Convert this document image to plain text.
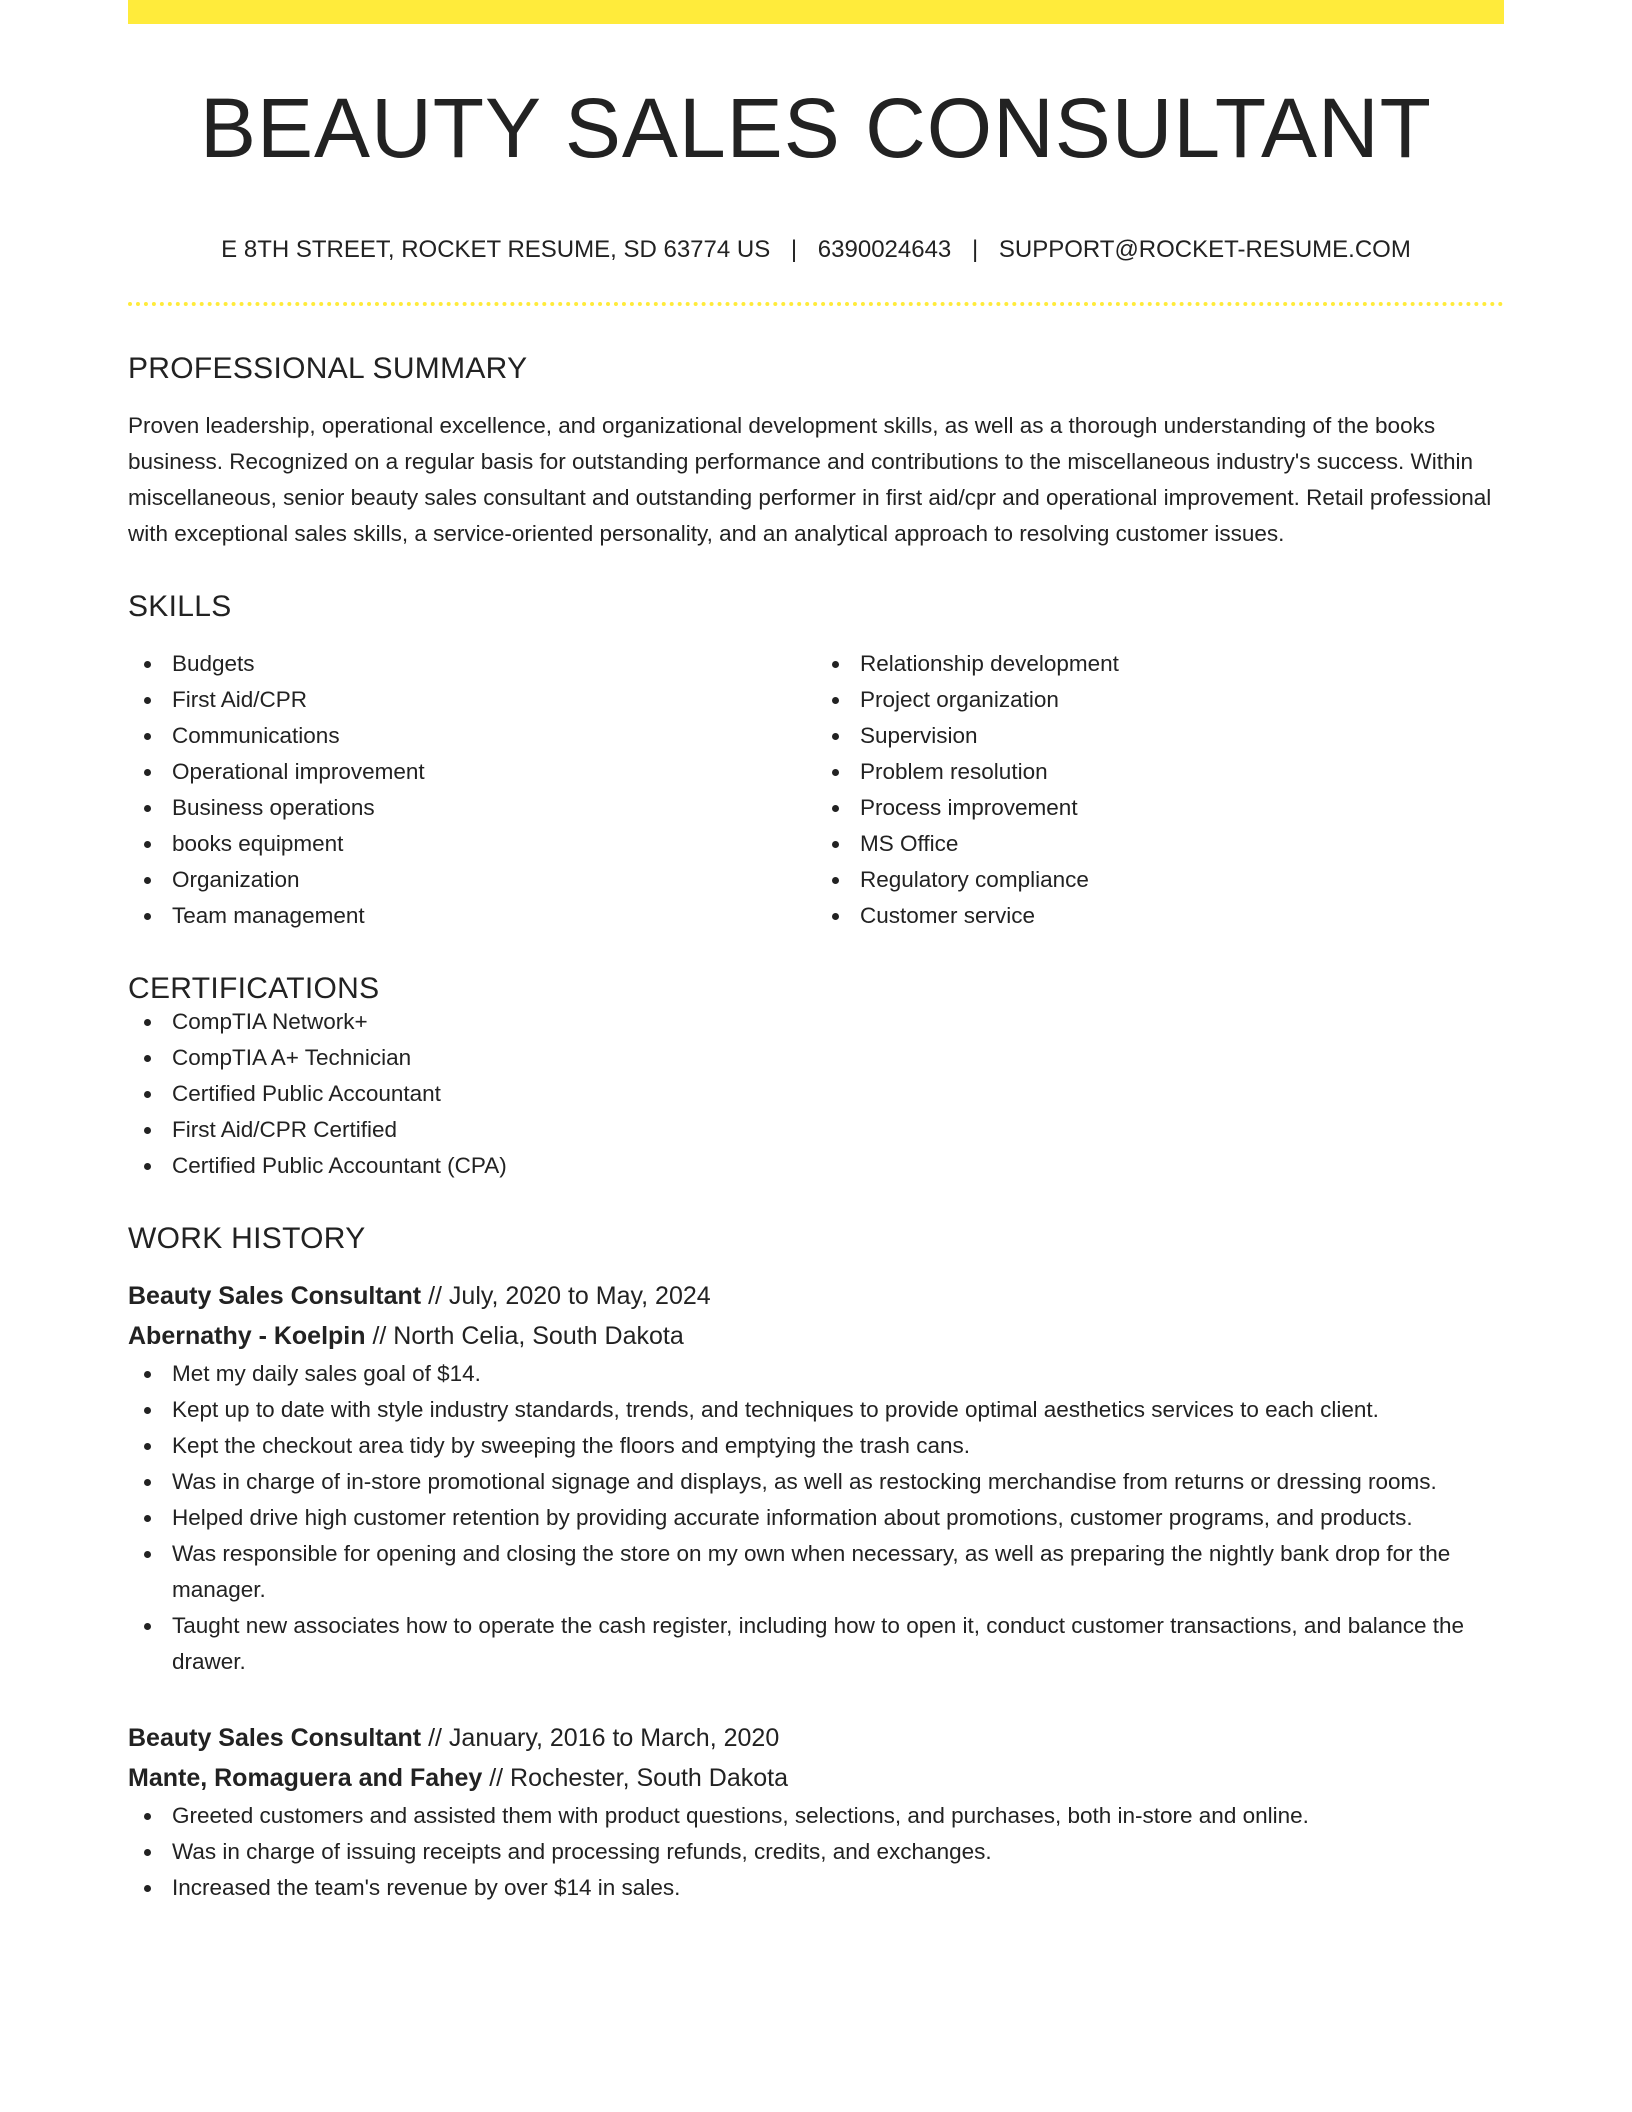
BEAUTY SALES CONSULTANT
E 8TH STREET, ROCKET RESUME, SD 63774 US | 6390024643 | SUPPORT@ROCKET-RESUME.COM
PROFESSIONAL SUMMARY

Proven leadership, operational excellence, and organizational development skills, as well as a thorough understanding of the books business. Recognized on a regular basis for outstanding performance and contributions to the miscellaneous industry's success. Within miscellaneous, senior beauty sales consultant and outstanding performer in first aid/cpr and operational improvement. Retail professional with exceptional sales skills, a service-oriented personality, and an analytical approach to resolving customer issues.

SKILLS
Budgets
First Aid/CPR
Communications
Operational improvement
Business operations
books equipment
Organization
Team management
Relationship development
Project organization
Supervision
Problem resolution
Process improvement
MS Office
Regulatory compliance
Customer service
CERTIFICATIONS
CompTIA Network+
CompTIA A+ Technician
Certified Public Accountant
First Aid/CPR Certified
Certified Public Accountant (CPA)
WORK HISTORY
Beauty Sales Consultant // July, 2020 to May, 2024
Abernathy - Koelpin // North Celia, South Dakota
Met my daily sales goal of $14.
Kept up to date with style industry standards, trends, and techniques to provide optimal aesthetics services to each client.
Kept the checkout area tidy by sweeping the floors and emptying the trash cans.
Was in charge of in-store promotional signage and displays, as well as restocking merchandise from returns or dressing rooms.
Helped drive high customer retention by providing accurate information about promotions, customer programs, and products.
Was responsible for opening and closing the store on my own when necessary, as well as preparing the nightly bank drop for the manager.
Taught new associates how to operate the cash register, including how to open it, conduct customer transactions, and balance the drawer.
Beauty Sales Consultant // January, 2016 to March, 2020
Mante, Romaguera and Fahey // Rochester, South Dakota
Greeted customers and assisted them with product questions, selections, and purchases, both in-store and online.
Was in charge of issuing receipts and processing refunds, credits, and exchanges.
Increased the team's revenue by over $14 in sales.
